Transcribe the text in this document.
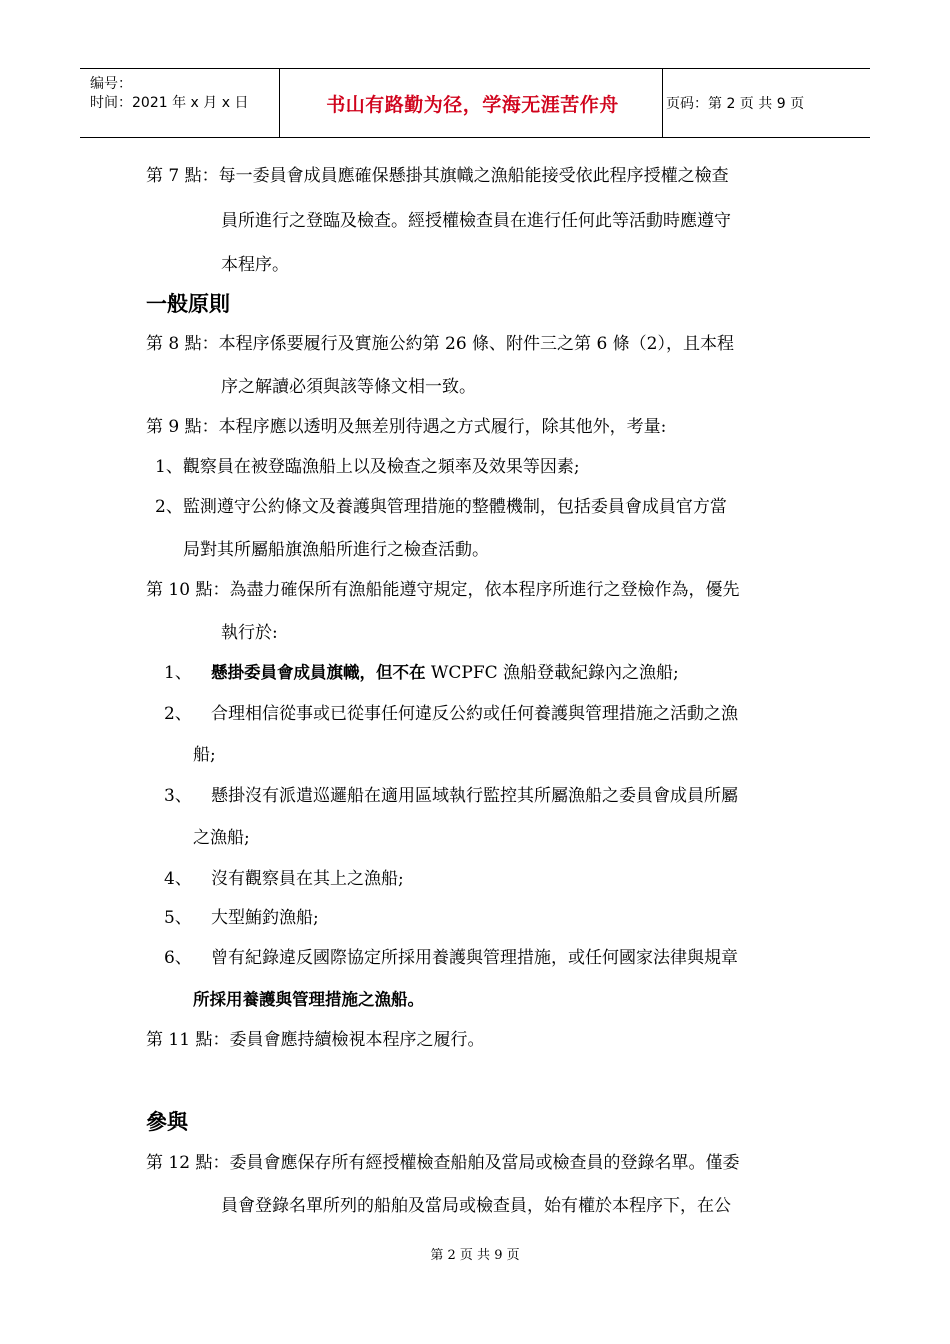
编号：
时间：2021 年 x 月 x 日	书山有路勤为径，学海无涯苦作舟	页码：第 2 页 共 9 页
第 7 點：每一委員會成員應確保懸掛其旗幟之漁船能接受依此程序授權之檢查
員所進行之登臨及檢查。經授權檢查員在進行任何此等活動時應遵守
本程序。
一般原則
第 8 點：本程序係要履行及實施公約第 26 條、附件三之第 6 條（2），且本程
序之解讀必須與該等條文相一致。
第 9 點：本程序應以透明及無差別待遇之方式履行，除其他外，考量:
1、觀察員在被登臨漁船上以及檢查之頻率及效果等因素;
2、監測遵守公約條文及養護與管理措施的整體機制，包括委員會成員官方當
局對其所屬船旗漁船所進行之檢查活動。
第 10 點：為盡力確保所有漁船能遵守規定，依本程序所進行之登檢作為，優先
執行於:
1、 懸掛委員會成員旗幟，但不在 WCPFC 漁船登載紀錄內之漁船;
2、 合理相信從事或已從事任何違反公約或任何養護與管理措施之活動之漁
船;
3、 懸掛沒有派遣巡邏船在適用區域執行監控其所屬漁船之委員會成員所屬
之漁船;
4、 沒有觀察員在其上之漁船;
5、 大型鮪釣漁船;
6、 曾有紀錄違反國際協定所採用養護與管理措施，或任何國家法律與規章
所採用養護與管理措施之漁船。
第 11 點：委員會應持續檢視本程序之履行。
參與
第 12 點：委員會應保存所有經授權檢查船舶及當局或檢查員的登錄名單。僅委
員會登錄名單所列的船舶及當局或檢查員，始有權於本程序下，在公
第 2 页 共 9 页
